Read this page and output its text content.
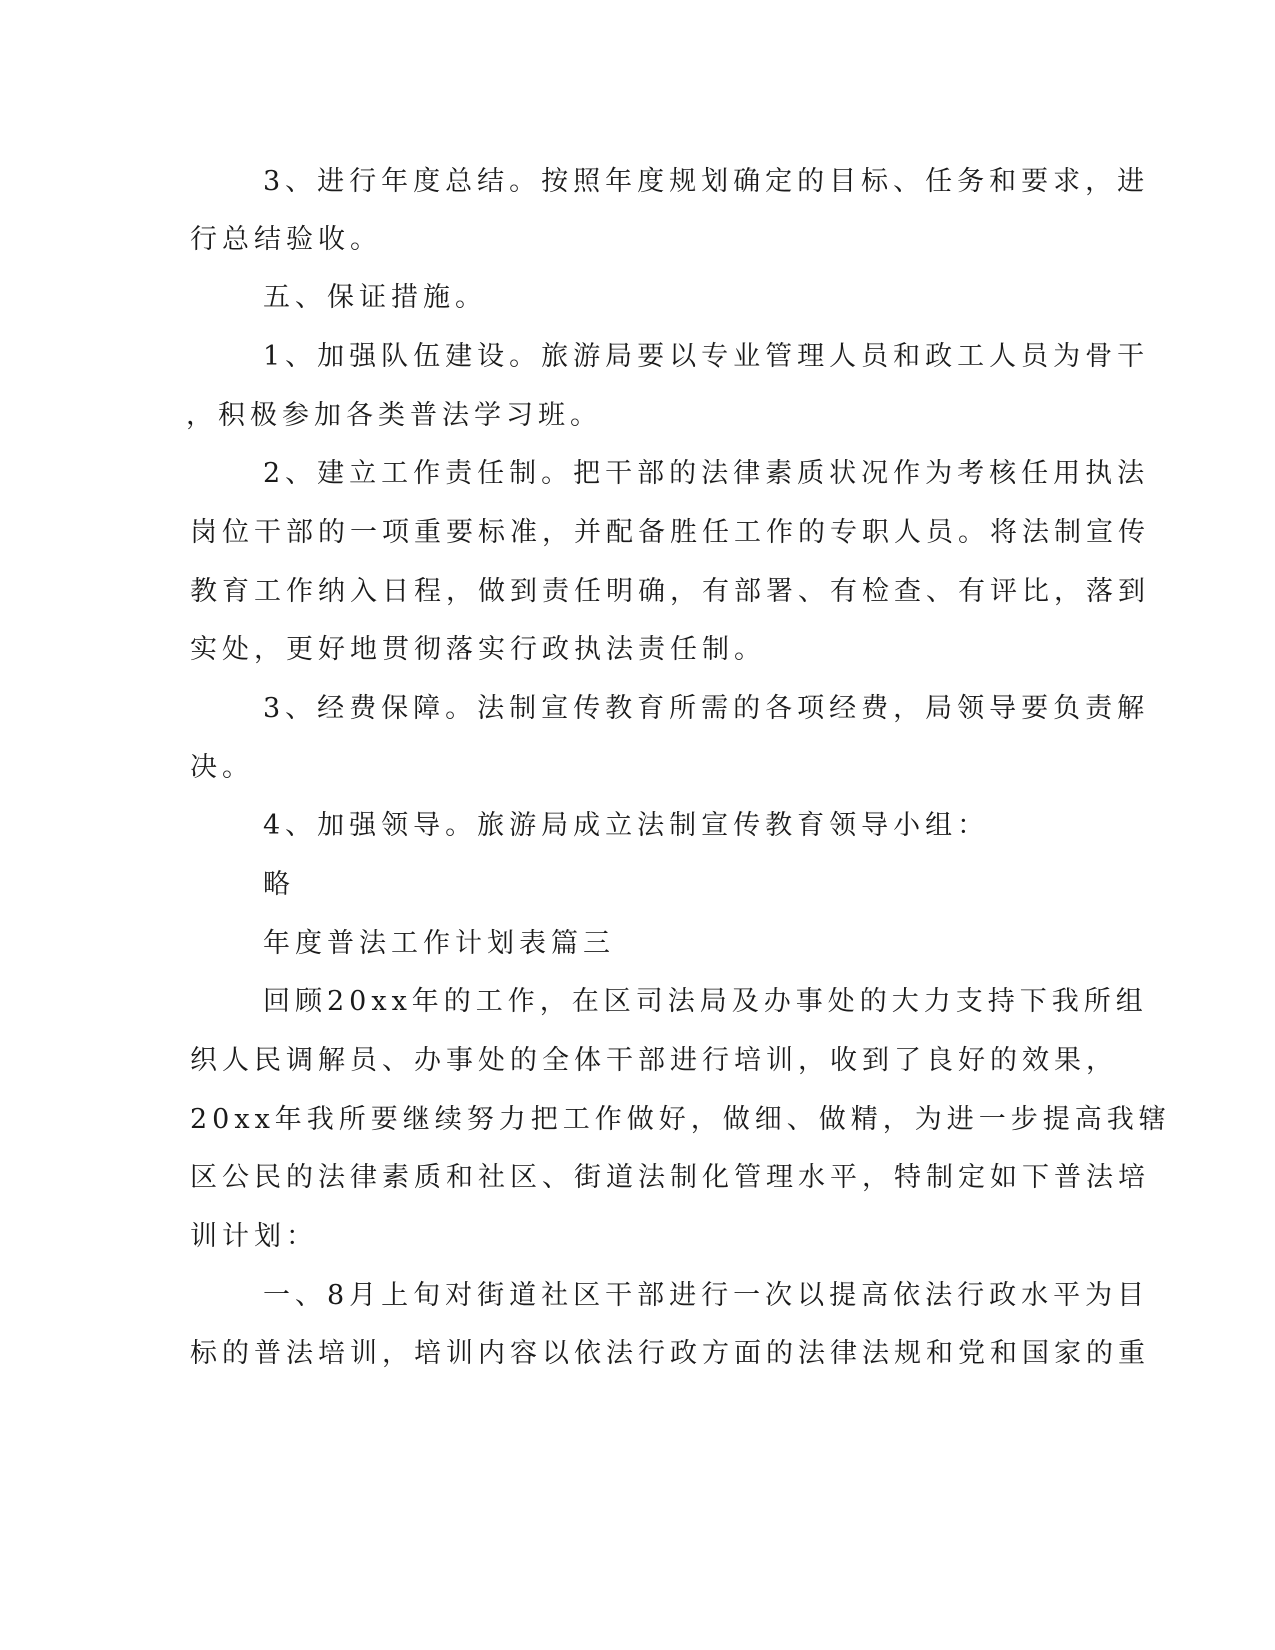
3、进行年度总结。按照年度规划确定的目标、任务和要求，进
行总结验收。
五、保证措施。
1、加强队伍建设。旅游局要以专业管理人员和政工人员为骨干
，积极参加各类普法学习班。
2、建立工作责任制。把干部的法律素质状况作为考核任用执法
岗位干部的一项重要标准，并配备胜任工作的专职人员。将法制宣传
教育工作纳入日程，做到责任明确，有部署、有检查、有评比，落到
实处，更好地贯彻落实行政执法责任制。
3、经费保障。法制宣传教育所需的各项经费，局领导要负责解
决。
4、加强领导。旅游局成立法制宣传教育领导小组：
略
年度普法工作计划表篇三
回顾20xx年的工作，在区司法局及办事处的大力支持下我所组
织人民调解员、办事处的全体干部进行培训，收到了良好的效果，
20xx年我所要继续努力把工作做好，做细、做精，为进一步提高我辖
区公民的法律素质和社区、街道法制化管理水平，特制定如下普法培
训计划：
一、8月上旬对街道社区干部进行一次以提高依法行政水平为目
标的普法培训，培训内容以依法行政方面的法律法规和党和国家的重
